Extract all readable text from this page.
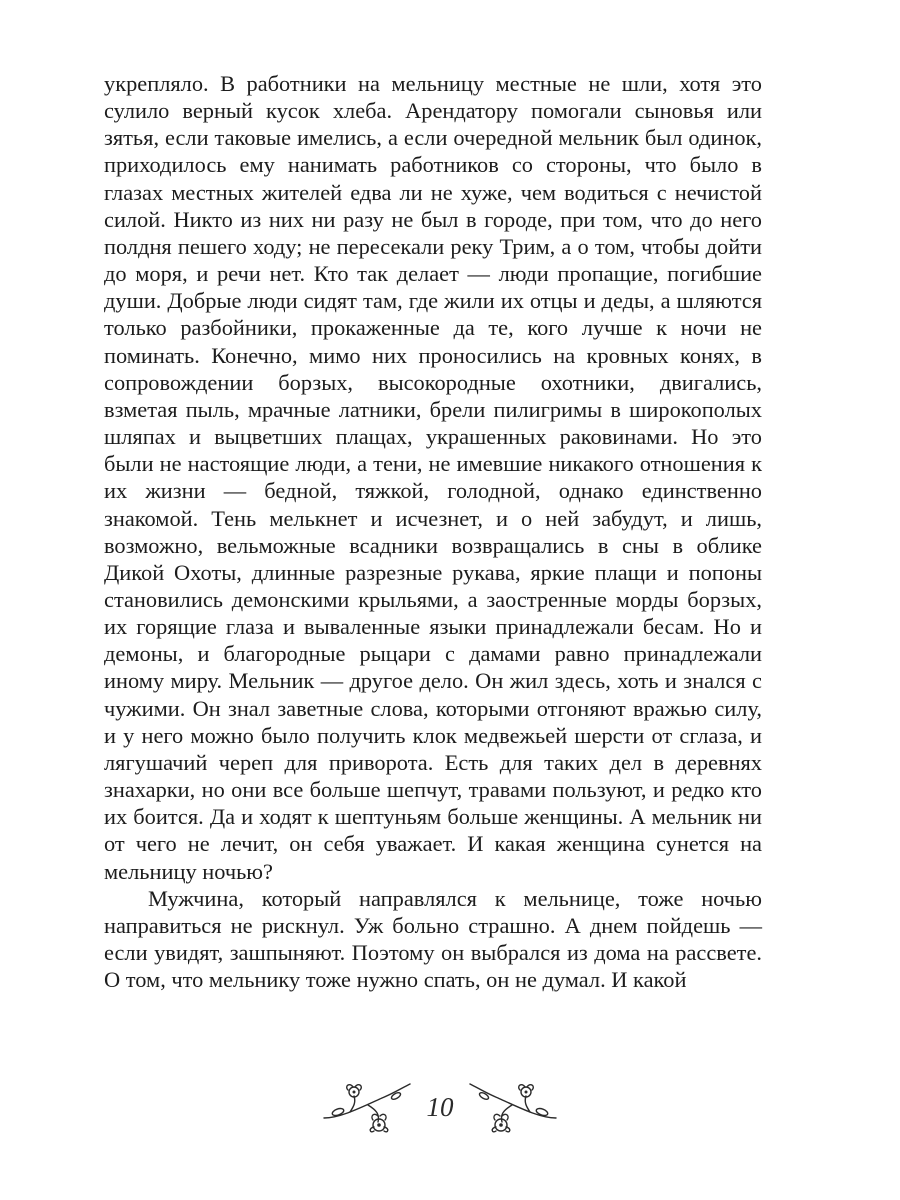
укрепляло. В работники на мельницу местные не шли, хотя это сулило верный кусок хлеба. Арендатору помогали сыновья или зятья, если таковые имелись, а если очередной мельник был одинок, приходилось ему нанимать работников со стороны, что было в глазах местных жителей едва ли не хуже, чем водиться с нечистой силой. Никто из них ни разу не был в городе, при том, что до него полдня пешего ходу; не пересекали реку Трим, а о том, чтобы дойти до моря, и речи нет. Кто так делает — люди пропащие, погибшие души. Добрые люди сидят там, где жили их отцы и деды, а шляются только разбойники, прокаженные да те, кого лучше к ночи не поминать. Конечно, мимо них проносились на кровных конях, в сопровождении борзых, высокородные охотники, двигались, взметая пыль, мрачные латники, брели пилигримы в широкополых шляпах и выцветших плащах, украшенных раковинами. Но это были не настоящие люди, а тени, не имевшие никакого отношения к их жизни — бедной, тяжкой, голодной, однако единственно знакомой. Тень мелькнет и исчезнет, и о ней забудут, и лишь, возможно, вельможные всадники возвращались в сны в облике Дикой Охоты, длинные разрезные рукава, яркие плащи и попоны становились демонскими крыльями, а заостренные морды борзых, их горящие глаза и вываленные языки принадлежали бесам. Но и демоны, и благородные рыцари с дамами равно принадлежали иному миру. Мельник — другое дело. Он жил здесь, хоть и знался с чужими. Он знал заветные слова, которыми отгоняют вражью силу, и у него можно было получить клок медвежьей шерсти от сглаза, и лягушачий череп для приворота. Есть для таких дел в деревнях знахарки, но они все больше шепчут, травами пользуют, и редко кто их боится. Да и ходят к шептуньям больше женщины. А мельник ни от чего не лечит, он себя уважает. И какая женщина сунется на мельницу ночью?

Мужчина, который направлялся к мельнице, тоже ночью направиться не рискнул. Уж больно страшно. А днем пойдешь — если увидят, зашпыняют. Поэтому он выбрался из дома на рассвете. О том, что мельнику тоже нужно спать, он не думал. И какой

10
